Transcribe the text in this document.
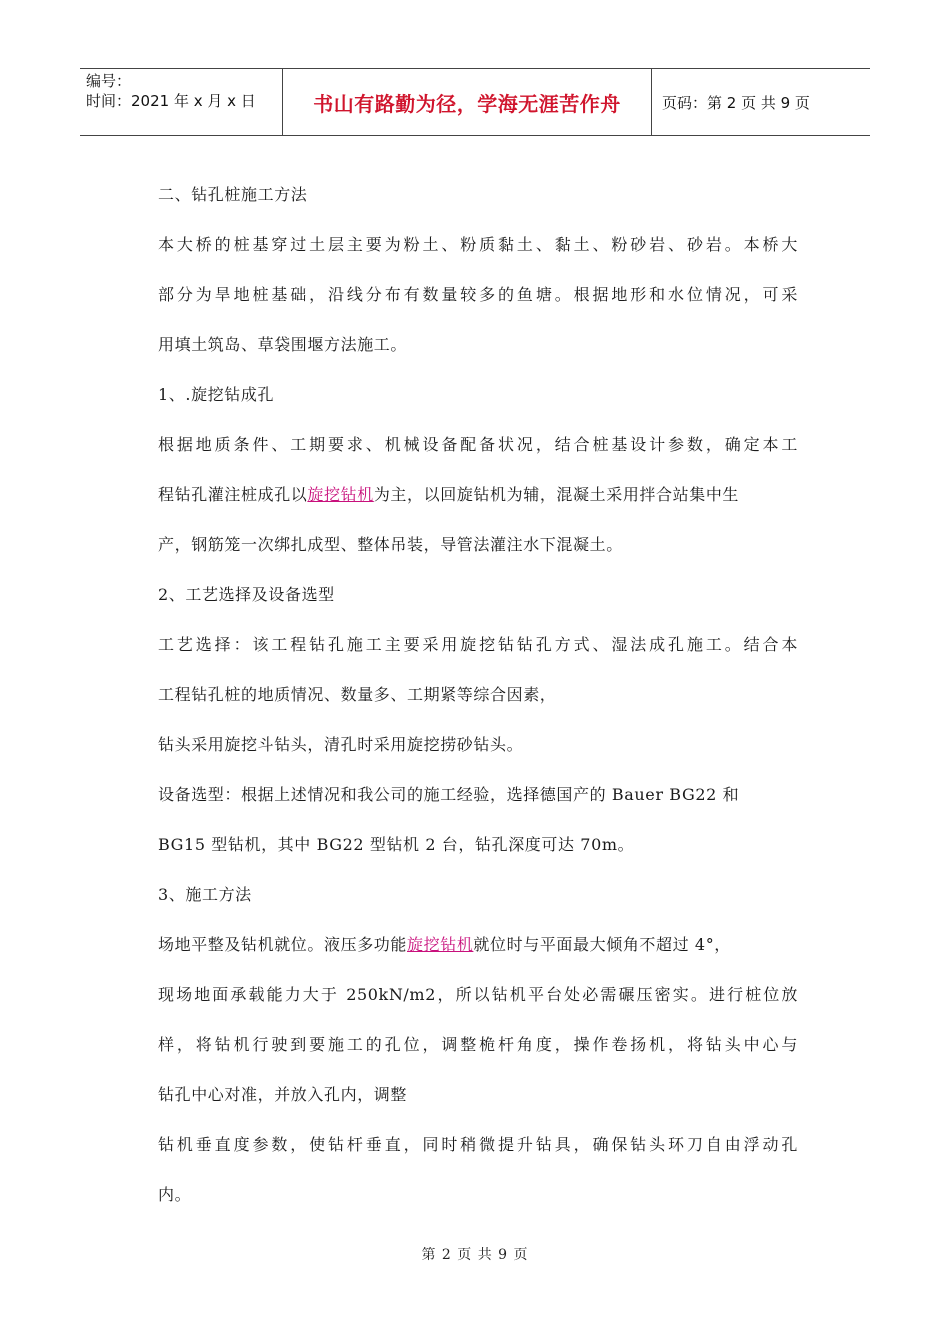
编号：
时间：2021 年 x 月 x 日	书山有路勤为径，学海无涯苦作舟	页码：第 2 页 共 9 页
二、钻孔桩施工方法
本大桥的桩基穿过土层主要为粉土、粉质黏土、黏土、粉砂岩、砂岩。本桥大
部分为旱地桩基础，沿线分布有数量较多的鱼塘。根据地形和水位情况，可采
用填土筑岛、草袋围堰方法施工。
1、.旋挖钻成孔
根据地质条件、工期要求、机械设备配备状况，结合桩基设计参数，确定本工
程钻孔灌注桩成孔以旋挖钻机为主，以回旋钻机为辅，混凝土采用拌合站集中生
产，钢筋笼一次绑扎成型、整体吊装，导管法灌注水下混凝土。
2、工艺选择及设备选型
工艺选择：该工程钻孔施工主要采用旋挖钻钻孔方式、湿法成孔施工。结合本
工程钻孔桩的地质情况、数量多、工期紧等综合因素，
钻头采用旋挖斗钻头，清孔时采用旋挖捞砂钻头。
设备选型：根据上述情况和我公司的施工经验，选择德国产的 Bauer BG22 和
BG15 型钻机，其中 BG22 型钻机 2 台，钻孔深度可达 70m。
3、施工方法
场地平整及钻机就位。液压多功能旋挖钻机就位时与平面最大倾角不超过 4°，
现场地面承载能力大于 250kN/m2，所以钻机平台处必需碾压密实。进行桩位放
样，将钻机行驶到要施工的孔位，调整桅杆角度，操作卷扬机，将钻头中心与
钻孔中心对准，并放入孔内，调整
钻机垂直度参数，使钻杆垂直，同时稍微提升钻具，确保钻头环刀自由浮动孔
内。
第 2 页 共 9 页
